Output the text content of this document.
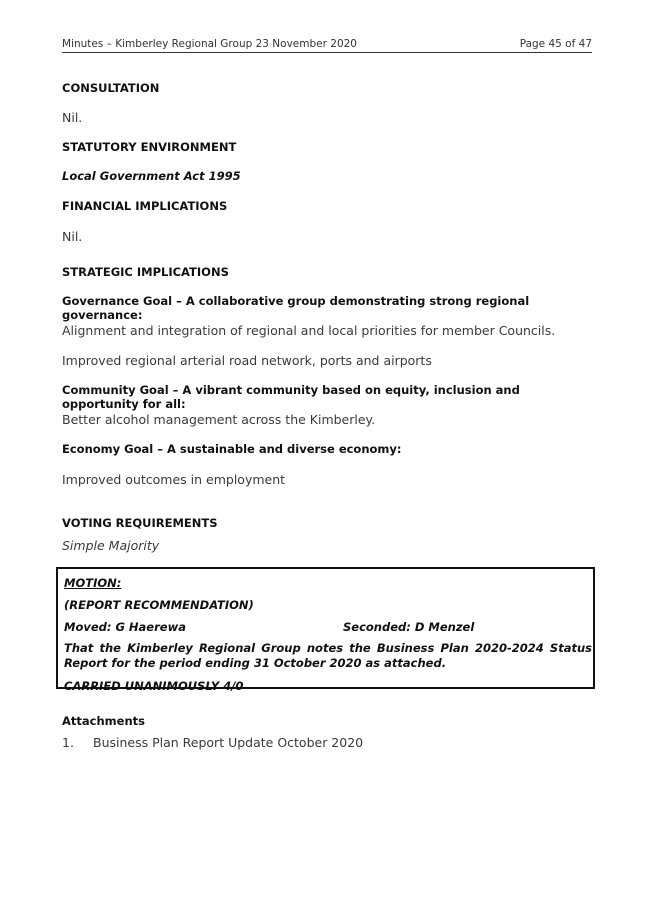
Minutes – Kimberley Regional Group 23 November 2020	Page 45 of 47
CONSULTATION
Nil.
STATUTORY ENVIRONMENT
Local Government Act 1995
FINANCIAL IMPLICATIONS
Nil.
STRATEGIC IMPLICATIONS
Governance Goal – A collaborative group demonstrating strong regional governance:
Alignment and integration of regional and local priorities for member Councils.
Improved regional arterial road network, ports and airports
Community Goal – A vibrant community based on equity, inclusion and opportunity for all:
Better alcohol management across the Kimberley.
Economy Goal – A sustainable and diverse economy:
Improved outcomes in employment
VOTING REQUIREMENTS
Simple Majority
MOTION:
(REPORT RECOMMENDATION)
Moved: G Haerewa	Seconded: D Menzel
That the Kimberley Regional Group notes the Business Plan 2020-2024 Status Report for the period ending 31 October 2020 as attached.
CARRIED UNANIMOUSLY 4/0
Attachments
1. Business Plan Report Update October 2020
